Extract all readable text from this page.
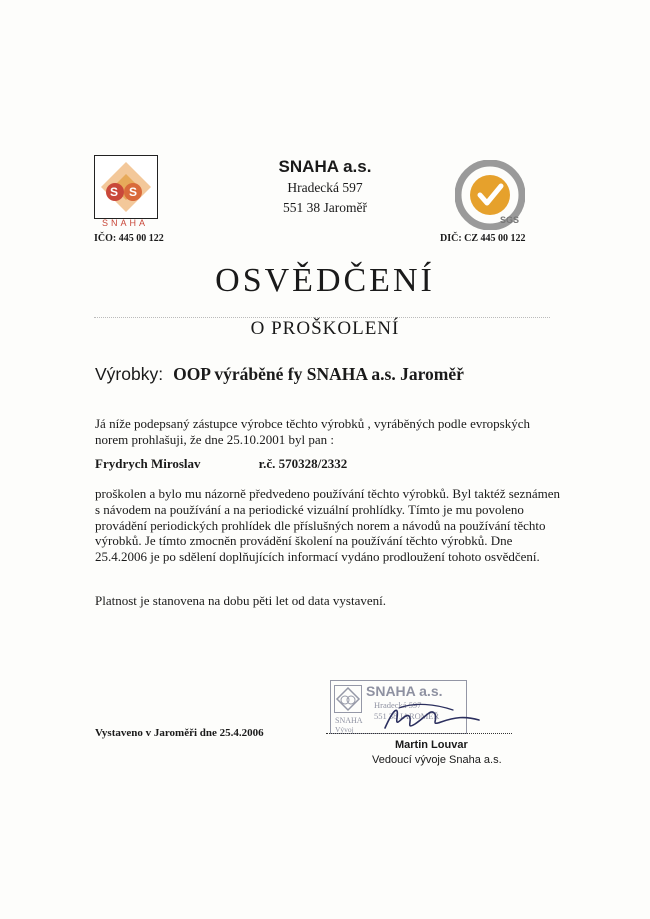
S S
SNAHA
IČO: 445 00 122
SNAHA a.s.
Hradecká 597
551 38 Jaroměř
SGS
DIČ: CZ 445 00 122
OSVĚDČENÍ
O PROŠKOLENÍ
Výrobky: OOP výráběné fy SNAHA a.s. Jaroměř
Já níže podepsaný zástupce výrobce těchto výrobků , vyráběných podle evropských norem prohlašuji, že dne 25.10.2001 byl pan :
Frydrych Miroslav	r.č. 570328/2332
proškolen a bylo mu názorně předvedeno používání těchto výrobků. Byl taktéž seznámen s návodem na používání a na periodické vizuální prohlídky. Tímto je mu povoleno provádění periodických prohlídek dle příslušných norem a návodů na používání těchto výrobků. Je tímto zmocněn provádění školení na používání těchto výrobků. Dne 25.4.2006 je po sdělení doplňujících informací vydáno prodloužení tohoto osvědčení.
Platnost je stanovena na dobu pěti let od data vystavení.
SNAHA a.s.
Hradecká 597
551 38 JAROMĚŘ
SNAHA
Vývoj
Vystaveno v Jaroměři dne 25.4.2006
Martin Louvar
Vedoucí vývoje Snaha a.s.
